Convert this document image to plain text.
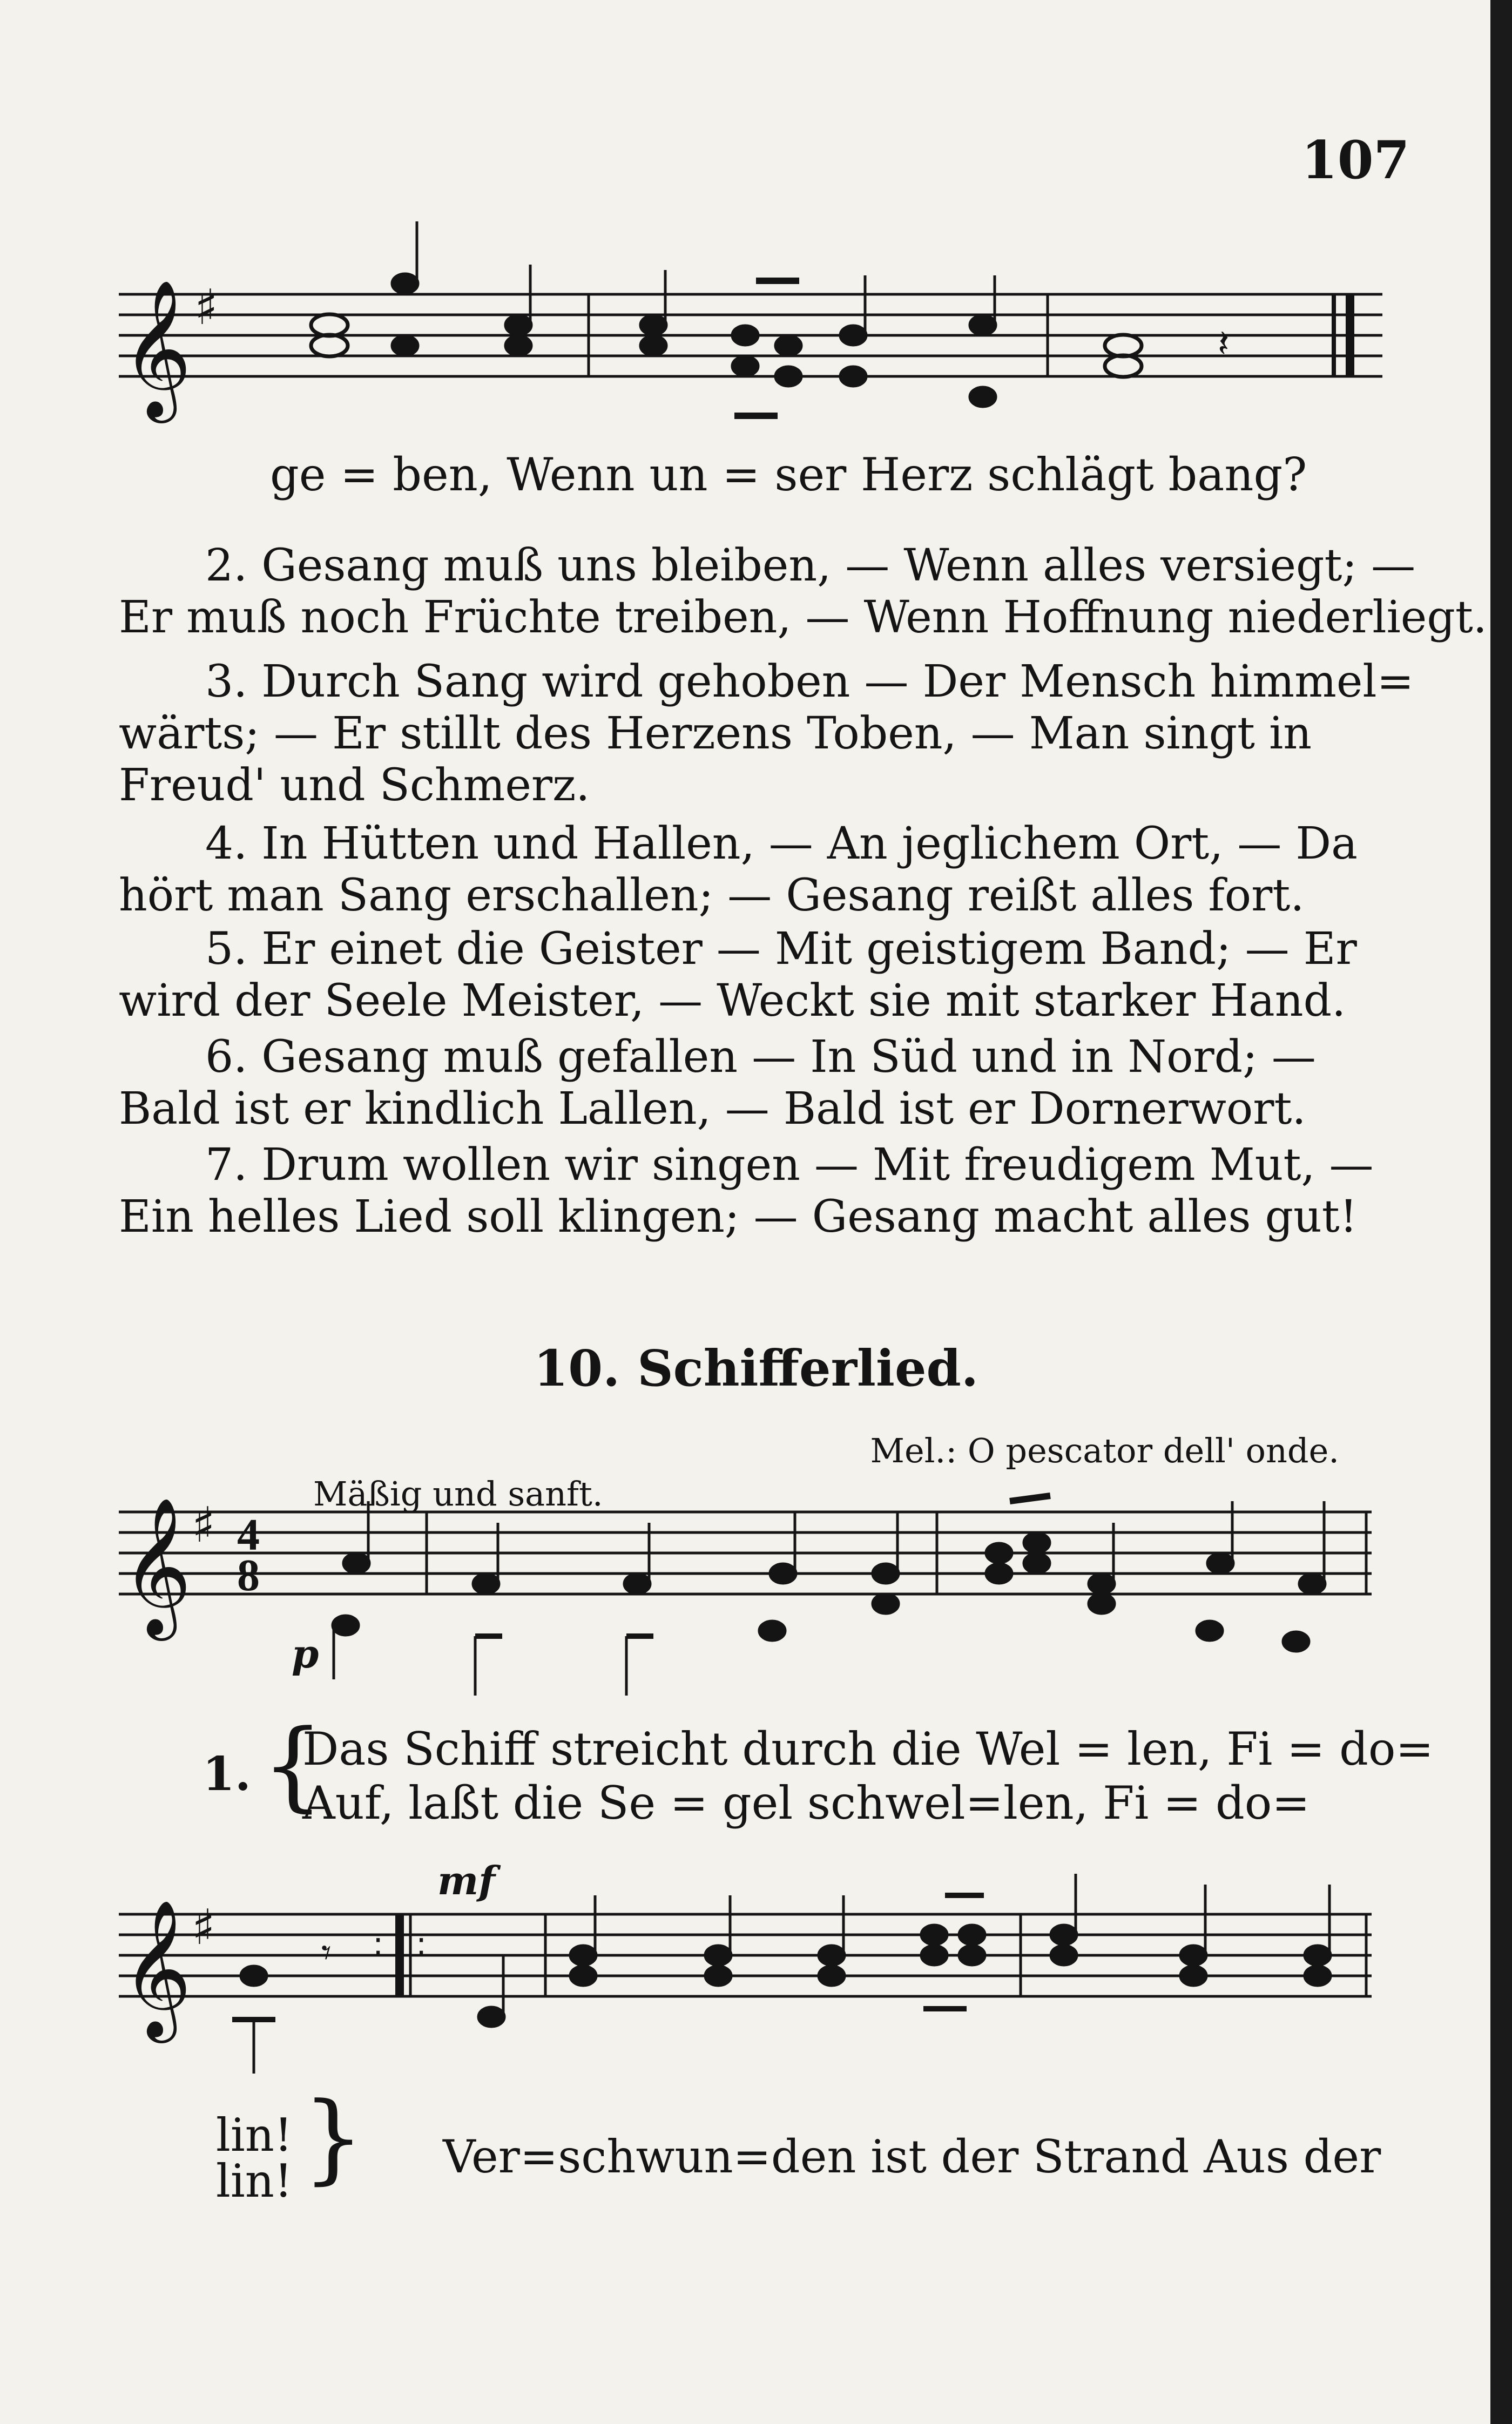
107
𝄞 ♯
𝄞 ♯
𝄞 ♯
𝄽
𝄾 : :
4
8
ge = ben, Wenn un = ser Herz schlägt bang?
2. Gesang muß uns bleiben, — Wenn alles versiegt; —
Er muß noch Früchte treiben, — Wenn Hoffnung niederliegt.
3. Durch Sang wird gehoben — Der Mensch himmel=
wärts; — Er stillt des Herzens Toben, — Man singt in
Freud' und Schmerz.
4. In Hütten und Hallen, — An jeglichem Ort, — Da
hört man Sang erschallen; — Gesang reißt alles fort.
5. Er einet die Geister — Mit geistigem Band; — Er
wird der Seele Meister, — Weckt sie mit starker Hand.
6. Gesang muß gefallen — In Süd und in Nord; —
Bald ist er kindlich Lallen, — Bald ist er Dornerwort.
7. Drum wollen wir singen — Mit freudigem Mut, —
Ein helles Lied soll klingen; — Gesang macht alles gut!
10. Schifferlied.
Mel.: O pescator dell' onde.
Mäßig und sanft.
p
mf
1. {
Das Schiff streicht durch die Wel = len, Fi = do=
Auf, laßt die Se = gel schwel=len, Fi = do=
lin!
lin! } Ver=schwun=den ist der Strand Aus der
